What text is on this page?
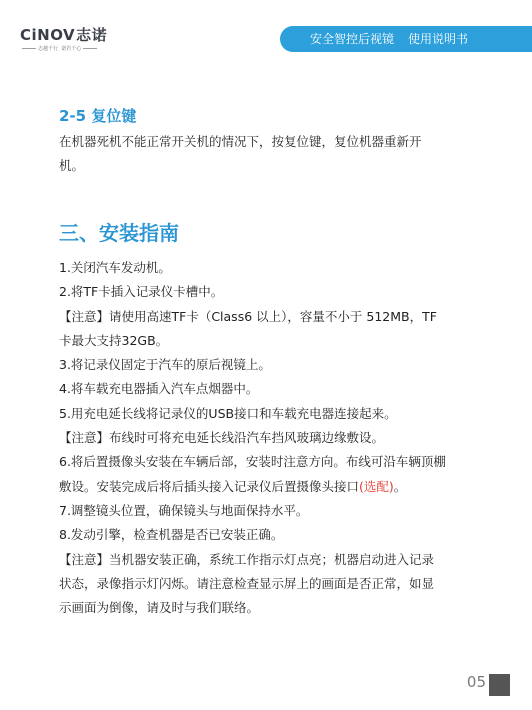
CiNOV志诺
志越千行 诺若千心
安全智控后视镜 使用说明书
2-5 复位键
在机器死机不能正常开关机的情况下，按复位键，复位机器重新开
机。
三、安装指南
1.关闭汽车发动机。
2.将TF卡插入记录仪卡槽中。
【注意】请使用高速TF卡（Class6 以上），容量不小于 512MB，TF
卡最大支持32GB。
3.将记录仪固定于汽车的原后视镜上。
4.将车载充电器插入汽车点烟器中。
5.用充电延长线将记录仪的USB接口和车载充电器连接起来。
【注意】布线时可将充电延长线沿汽车挡风玻璃边缘敷设。
6.将后置摄像头安装在车辆后部，安装时注意方向。布线可沿车辆顶棚
敷设。安装完成后将后插头接入记录仪后置摄像头接口(选配)。
7.调整镜头位置，确保镜头与地面保持水平。
8.发动引擎，检查机器是否已安装正确。
【注意】当机器安装正确，系统工作指示灯点亮；机器启动进入记录
状态，录像指示灯闪烁。请注意检查显示屏上的画面是否正常，如显
示画面为倒像，请及时与我们联络。
05
